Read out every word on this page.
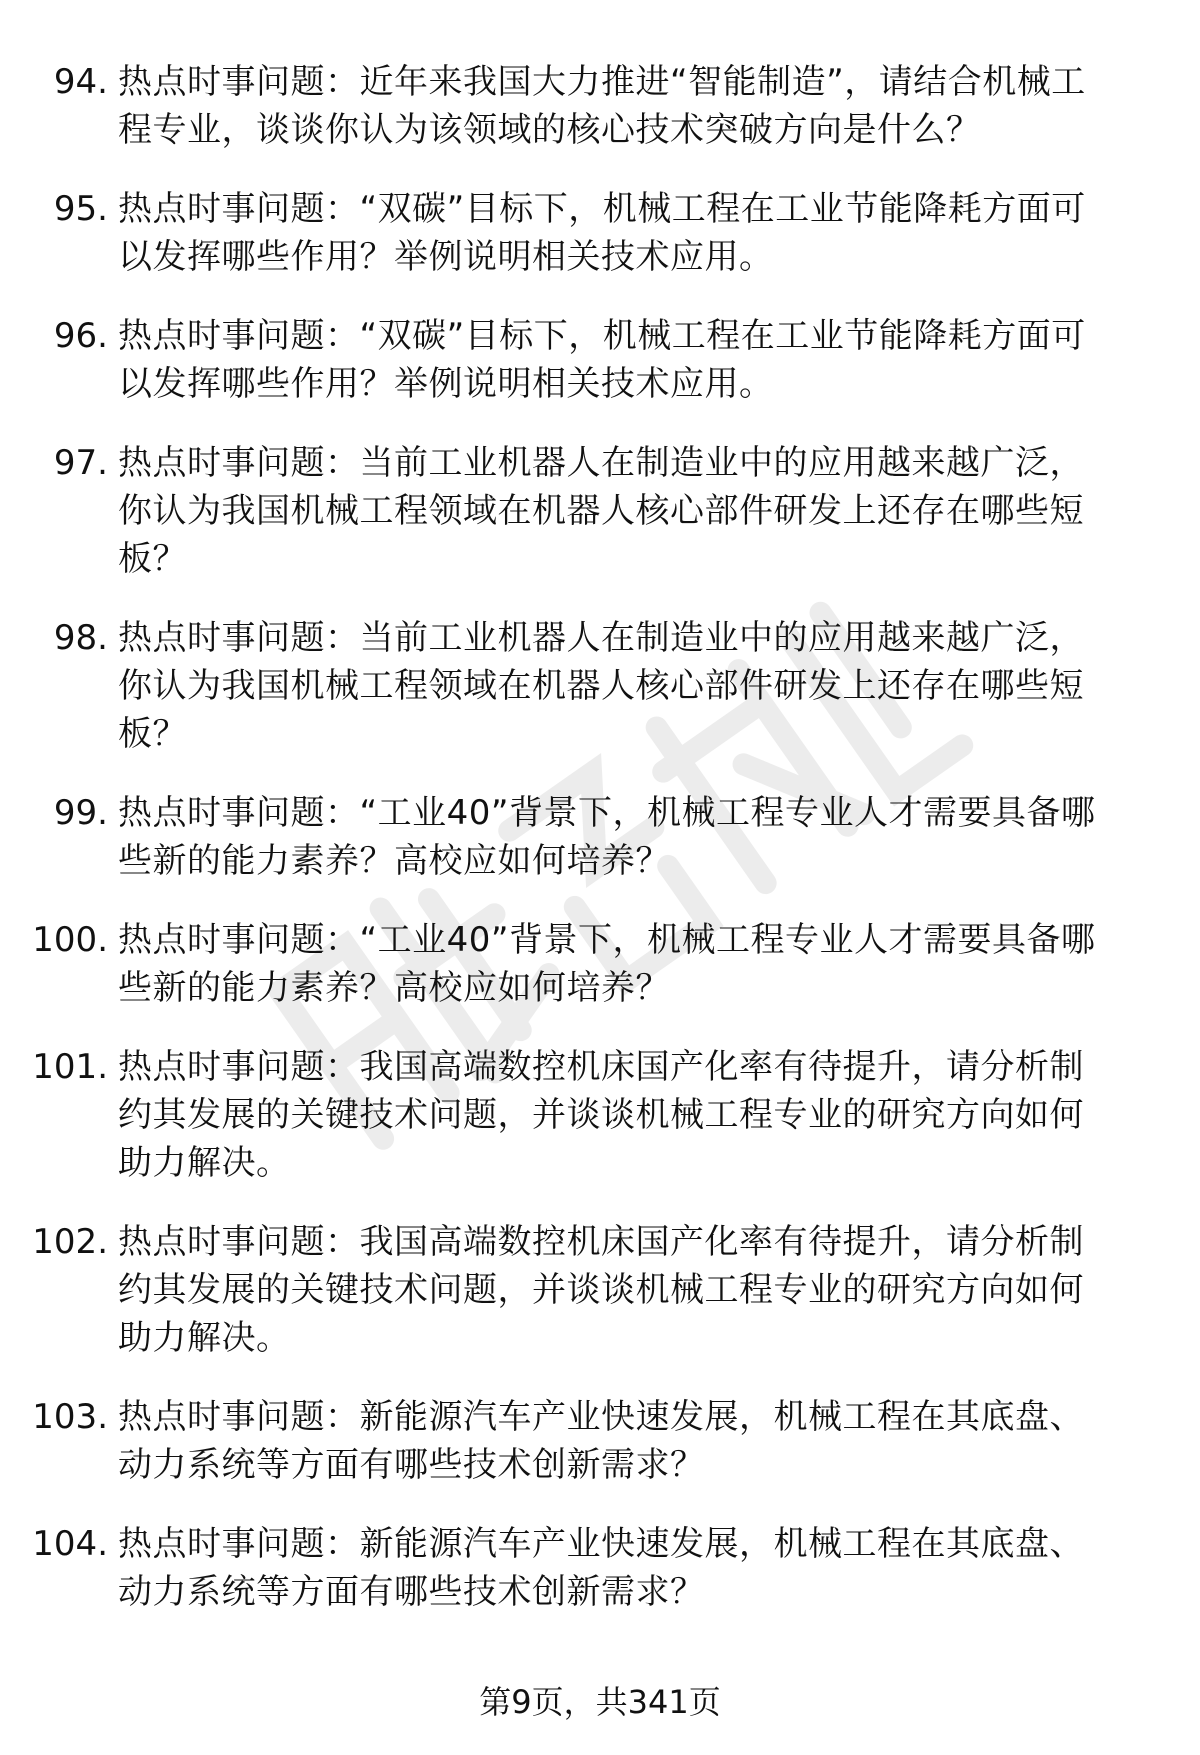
94. 热点时事问题：近年来我国大力推进“智能制造”，请结合机械工程专业，谈谈你认为该领域的核心技术突破方向是什么？
95. 热点时事问题：“双碳”目标下，机械工程在工业节能降耗方面可以发挥哪些作用？举例说明相关技术应用。
96. 热点时事问题：“双碳”目标下，机械工程在工业节能降耗方面可以发挥哪些作用？举例说明相关技术应用。
97. 热点时事问题：当前工业机器人在制造业中的应用越来越广泛，你认为我国机械工程领域在机器人核心部件研发上还存在哪些短板？
98. 热点时事问题：当前工业机器人在制造业中的应用越来越广泛，你认为我国机械工程领域在机器人核心部件研发上还存在哪些短板？
99. 热点时事问题：“工业40”背景下，机械工程专业人才需要具备哪些新的能力素养？高校应如何培养？
100. 热点时事问题：“工业40”背景下，机械工程专业人才需要具备哪些新的能力素养？高校应如何培养？
101. 热点时事问题：我国高端数控机床国产化率有待提升，请分析制约其发展的关键技术问题，并谈谈机械工程专业的研究方向如何助力解决。
102. 热点时事问题：我国高端数控机床国产化率有待提升，请分析制约其发展的关键技术问题，并谈谈机械工程专业的研究方向如何助力解决。
103. 热点时事问题：新能源汽车产业快速发展，机械工程在其底盘、动力系统等方面有哪些技术创新需求？
104. 热点时事问题：新能源汽车产业快速发展，机械工程在其底盘、动力系统等方面有哪些技术创新需求？
第9页，共341页
